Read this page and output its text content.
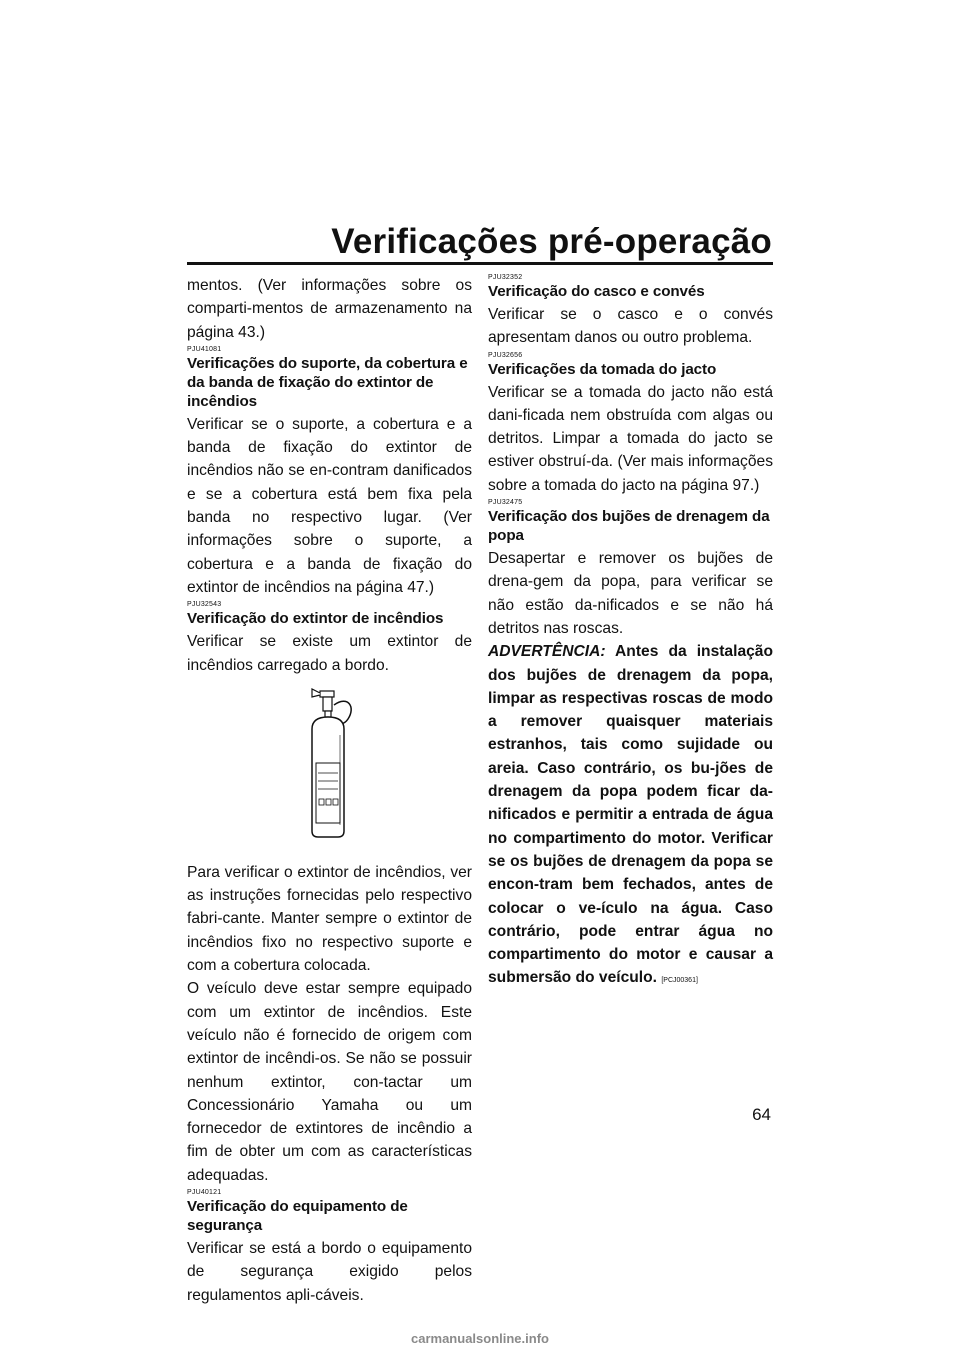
Verificações pré-operação

mentos. (Ver informações sobre os comparti-mentos de armazenamento na página 43.)

PJU41081
Verificações do suporte, da cobertura e da banda de fixação do extintor de incêndios

Verificar se o suporte, a cobertura e a banda de fixação do extintor de incêndios não se en-contram danificados e se a cobertura está bem fixa pela banda no respectivo lugar. (Ver informações sobre o suporte, a cobertura e a banda de fixação do extintor de incêndios na página 47.)

PJU32543
Verificação do extintor de incêndios

Verificar se existe um extintor de incêndios carregado a bordo.

Para verificar o extintor de incêndios, ver as instruções fornecidas pelo respectivo fabri-cante. Manter sempre o extintor de incêndios fixo no respectivo suporte e com a cobertura colocada.

O veículo deve estar sempre equipado com um extintor de incêndios. Este veículo não é fornecido de origem com extintor de incêndi-os. Se não se possuir nenhum extintor, con-tactar um Concessionário Yamaha ou um fornecedor de extintores de incêndio a fim de obter um com as características adequadas.

PJU40121
Verificação do equipamento de segurança

Verificar se está a bordo o equipamento de segurança exigido pelos regulamentos apli-cáveis.

PJU32352
Verificação do casco e convés

Verificar se o casco e o convés apresentam danos ou outro problema.

PJU32656
Verificações da tomada do jacto

Verificar se a tomada do jacto não está dani-ficada nem obstruída com algas ou detritos. Limpar a tomada do jacto se estiver obstruí-da. (Ver mais informações sobre a tomada do jacto na página 97.)

PJU32475
Verificação dos bujões de drenagem da popa

Desapertar e remover os bujões de drena-gem da popa, para verificar se não estão da-nificados e se não há detritos nas roscas.

ADVERTÊNCIA: Antes da instalação dos bujões de drenagem da popa, limpar as respectivas roscas de modo a remover quaisquer materiais estranhos, tais como sujidade ou areia. Caso contrário, os bu-jões de drenagem da popa podem ficar da-nificados e permitir a entrada de água no compartimento do motor. Verificar se os bujões de drenagem da popa se encon-tram bem fechados, antes de colocar o ve-ículo na água. Caso contrário, pode entrar água no compartimento do motor e causar a submersão do veículo. [PCJ00361]

64
carmanualsonline.info
